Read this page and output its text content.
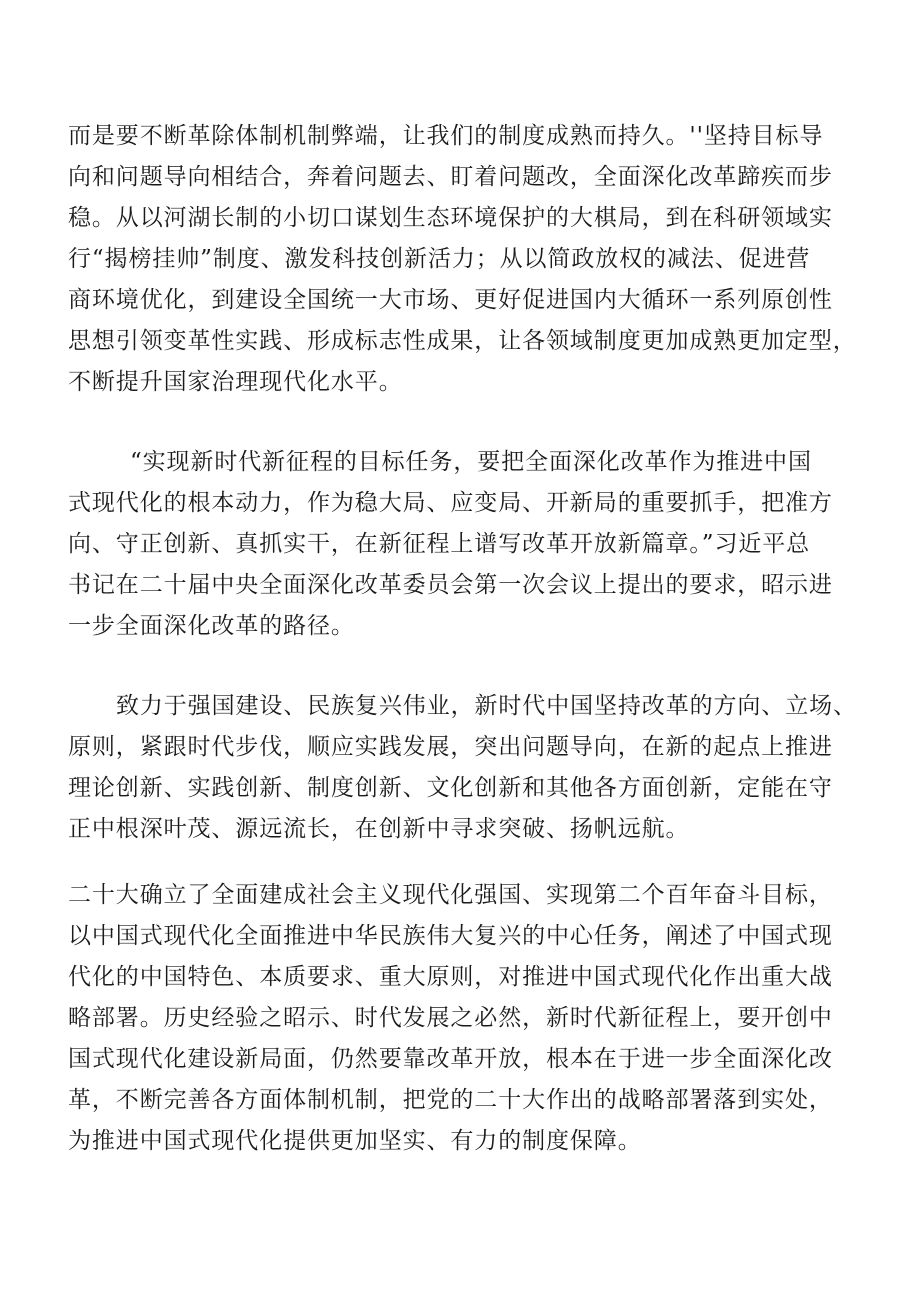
而是要不断革除体制机制弊端，让我们的制度成熟而持久。''坚持目标导
向和问题导向相结合，奔着问题去、盯着问题改，全面深化改革蹄疾而步
稳。从以河湖长制的小切口谋划生态环境保护的大棋局，到在科研领域实
行“揭榜挂帅”制度、激发科技创新活力；从以简政放权的减法、促进营
商环境优化，到建设全国统一大市场、更好促进国内大循环一系列原创性
思想引领变革性实践、形成标志性成果，让各领域制度更加成熟更加定型，
不断提升国家治理现代化水平。
“实现新时代新征程的目标任务，要把全面深化改革作为推进中国
式现代化的根本动力，作为稳大局、应变局、开新局的重要抓手，把准方
向、守正创新、真抓实干，在新征程上谱写改革开放新篇章。”习近平总
书记在二十届中央全面深化改革委员会第一次会议上提出的要求，昭示进
一步全面深化改革的路径。
致力于强国建设、民族复兴伟业，新时代中国坚持改革的方向、立场、
原则，紧跟时代步伐，顺应实践发展，突出问题导向，在新的起点上推进
理论创新、实践创新、制度创新、文化创新和其他各方面创新，定能在守
正中根深叶茂、源远流长，在创新中寻求突破、扬帆远航。
二十大确立了全面建成社会主义现代化强国、实现第二个百年奋斗目标，
以中国式现代化全面推进中华民族伟大复兴的中心任务，阐述了中国式现
代化的中国特色、本质要求、重大原则，对推进中国式现代化作出重大战
略部署。历史经验之昭示、时代发展之必然，新时代新征程上，要开创中
国式现代化建设新局面，仍然要靠改革开放，根本在于进一步全面深化改
革，不断完善各方面体制机制，把党的二十大作出的战略部署落到实处，
为推进中国式现代化提供更加坚实、有力的制度保障。
